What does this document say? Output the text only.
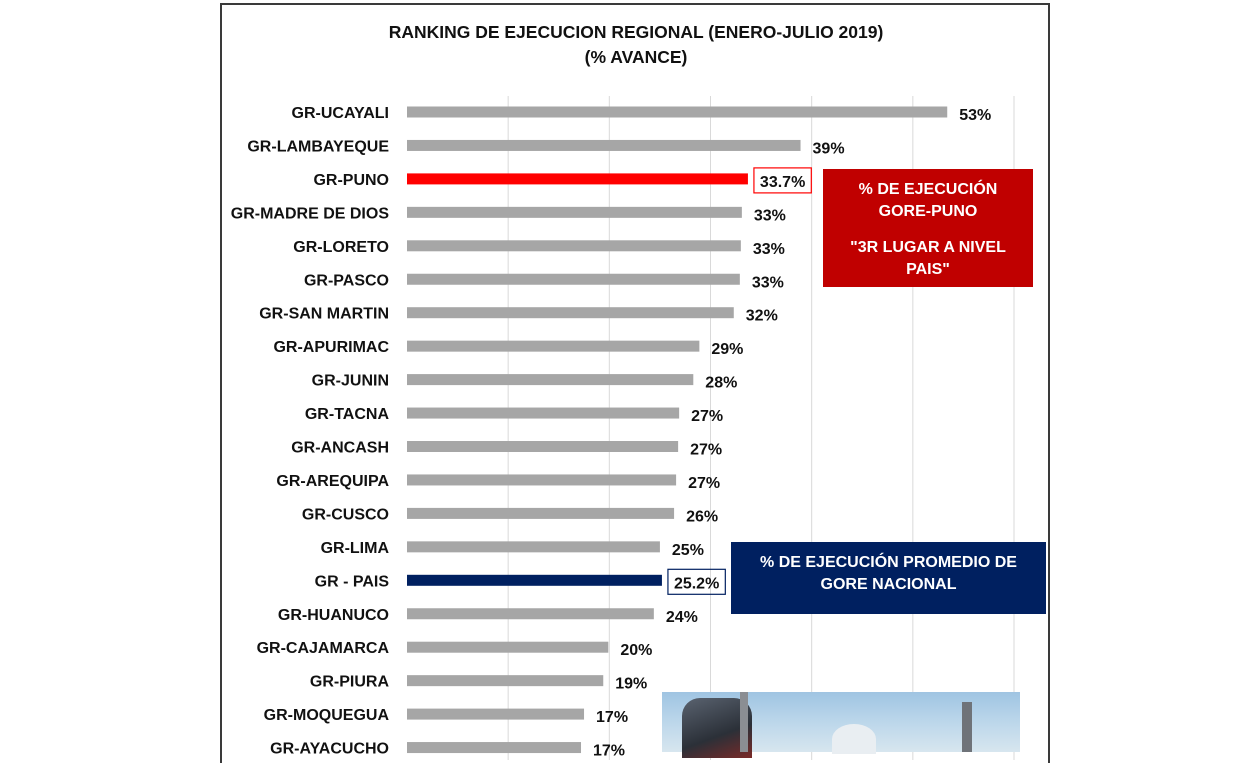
RANKING DE EJECUCION REGIONAL (ENERO-JULIO 2019)
(% AVANCE)
GR-UCAYALI	53%
GR-LAMBAYEQUE	39%
GR-PUNO	33.7%
GR-MADRE DE DIOS	33%
GR-LORETO	33%
GR-PASCO	33%
GR-SAN MARTIN	32%
GR-APURIMAC	29%
GR-JUNIN	28%
GR-TACNA	27%
GR-ANCASH	27%
GR-AREQUIPA	27%
GR-CUSCO	26%
GR-LIMA	25%
GR - PAIS	25.2%
GR-HUANUCO	24%
GR-CAJAMARCA	20%
GR-PIURA	19%
GR-MOQUEGUA	17%
GR-AYACUCHO	17%
% DE EJECUCIÓN
GORE-PUNO
"3R LUGAR A NIVEL
PAIS"
% DE EJECUCIÓN PROMEDIO DE
GORE NACIONAL
